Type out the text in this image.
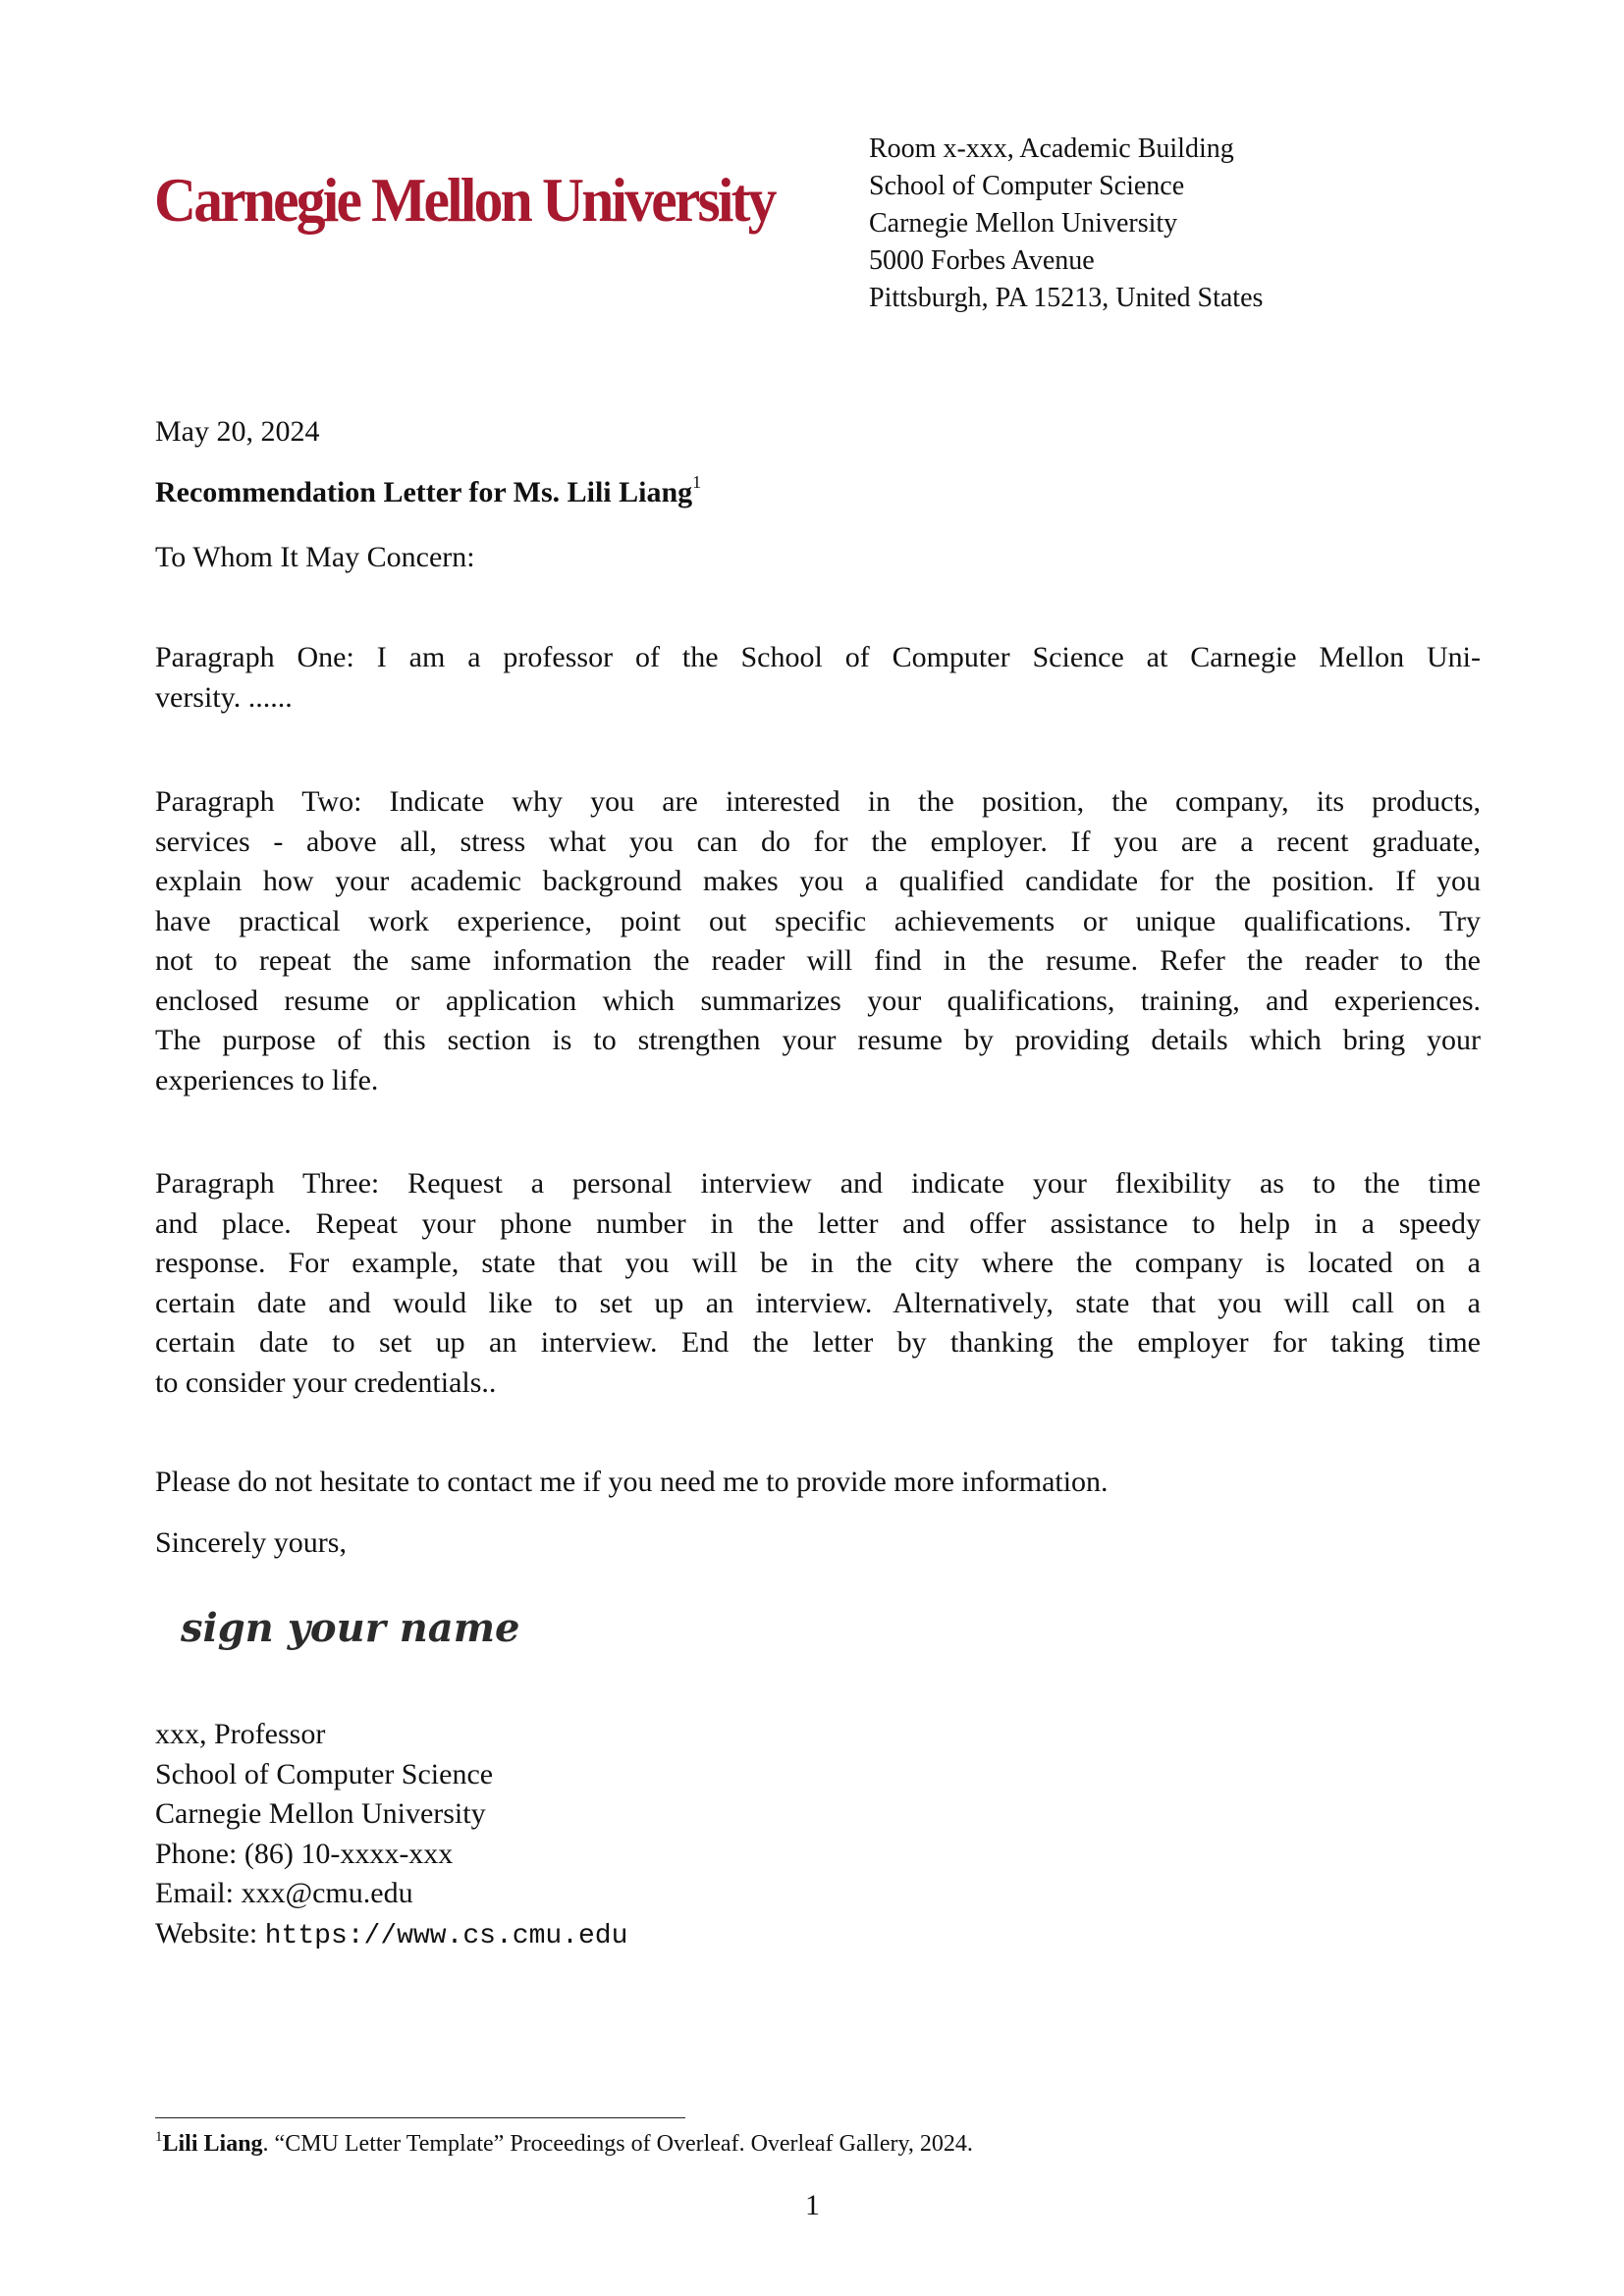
Carnegie Mellon University
Room x-xxx, Academic Building
School of Computer Science
Carnegie Mellon University
5000 Forbes Avenue
Pittsburgh, PA 15213, United States
May 20, 2024
Recommendation Letter for Ms. Lili Liang$^1$
To Whom It May Concern:
Paragraph One: I am a professor of the School of Computer Science at Carnegie Mellon Uni-
versity. ......
Paragraph Two: Indicate why you are interested in the position, the company, its products,
services - above all, stress what you can do for the employer. If you are a recent graduate,
explain how your academic background makes you a qualified candidate for the position. If you
have practical work experience, point out specific achievements or unique qualifications. Try
not to repeat the same information the reader will find in the resume. Refer the reader to the
enclosed resume or application which summarizes your qualifications, training, and experiences.
The purpose of this section is to strengthen your resume by providing details which bring your
experiences to life.
Paragraph Three: Request a personal interview and indicate your flexibility as to the time
and place. Repeat your phone number in the letter and offer assistance to help in a speedy
response. For example, state that you will be in the city where the company is located on a
certain date and would like to set up an interview. Alternatively, state that you will call on a
certain date to set up an interview. End the letter by thanking the employer for taking time
to consider your credentials..
Please do not hesitate to contact me if you need me to provide more information.
Sincerely yours,
sign your name
xxx, Professor
School of Computer Science
Carnegie Mellon University
Phone: (86) 10-xxxx-xxx
Email: xxx@cmu.edu
Website: https://www.cs.cmu.edu
$^1$Lili Liang. “CMU Letter Template” Proceedings of Overleaf. Overleaf Gallery, 2024.
1
